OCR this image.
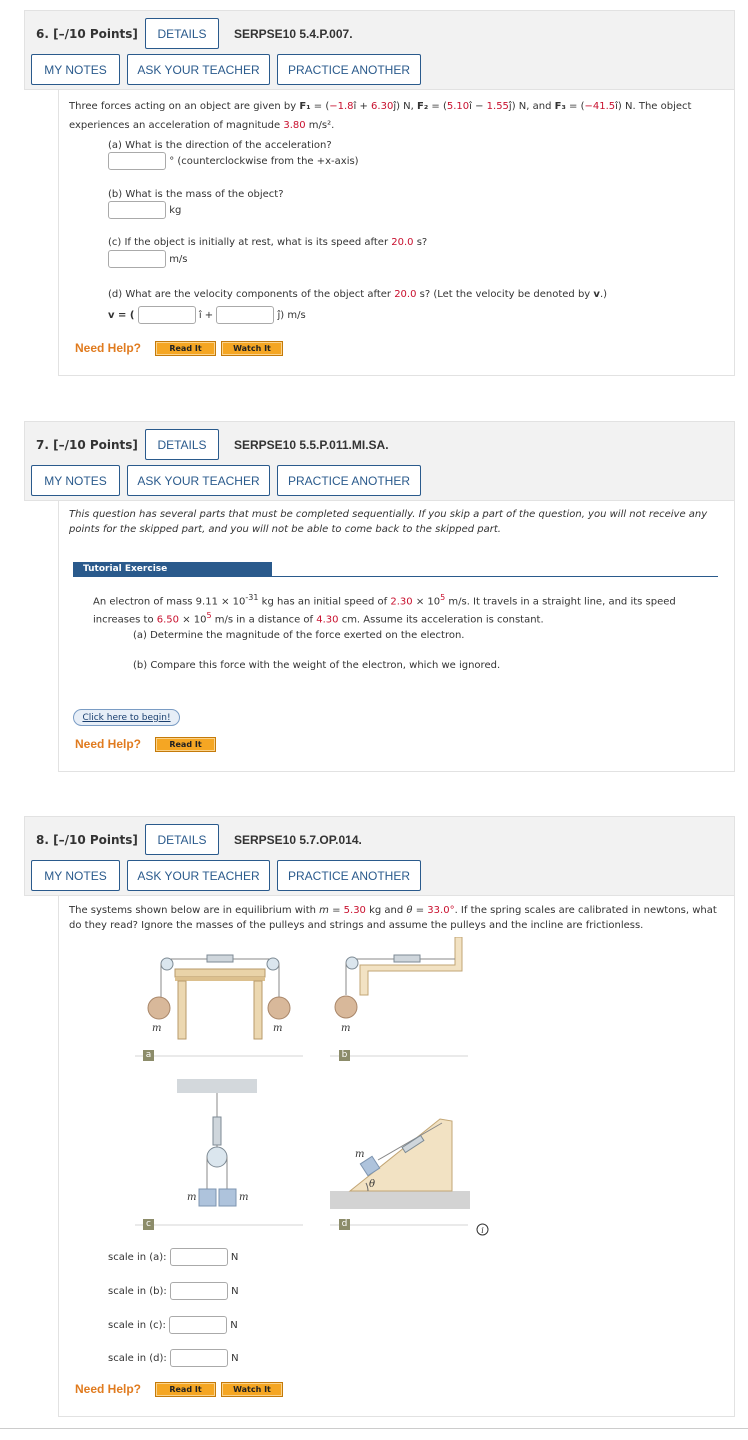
6. [–/10 Points]	DETAILS	SERPSE10 5.4.P.007.
MY NOTES	ASK YOUR TEACHER	PRACTICE ANOTHER
Three forces acting on an object are given by F₁ = (−1.8î + 6.30ĵ) N, F₂ = (5.10î − 1.55ĵ) N, and F₃ = (−41.5î) N. The object
experiences an acceleration of magnitude 3.80 m/s².
(a) What is the direction of the acceleration?
° (counterclockwise from the +x-axis)
(b) What is the mass of the object?
kg
(c) If the object is initially at rest, what is its speed after 20.0 s?
m/s
(d) What are the velocity components of the object after 20.0 s? (Let the velocity be denoted by v.)
v = (	î +	ĵ) m/s
Need Help?	Read It	Watch It
7. [–/10 Points]	DETAILS	SERPSE10 5.5.P.011.MI.SA.
MY NOTES	ASK YOUR TEACHER	PRACTICE ANOTHER
This question has several parts that must be completed sequentially. If you skip a part of the question, you will not receive any
points for the skipped part, and you will not be able to come back to the skipped part.
Tutorial Exercise
An electron of mass $9.11 \times 10^{-31}$ kg has an initial speed of $2.30 \times 10^5$ m/s. It travels in a straight line, and its speed
increases to $6.50 \times 10^5$ m/s in a distance of 4.30 cm. Assume its acceleration is constant.
(a) Determine the magnitude of the force exerted on the electron.
(b) Compare this force with the weight of the electron, which we ignored.
Click here to begin!
Need Help?	Read It
8. [–/10 Points]	DETAILS	SERPSE10 5.7.OP.014.
MY NOTES	ASK YOUR TEACHER	PRACTICE ANOTHER
The systems shown below are in equilibrium with m = 5.30 kg and θ = 33.0°. If the spring scales are calibrated in newtons, what
do they read? Ignore the masses of the pulleys and strings and assume the pulleys and the incline are frictionless.
m	m
a
m
b
m	m
c
m
θ
d
i
scale in (a):	N
scale in (b):	N
scale in (c):	N
scale in (d):	N
Need Help?	Read It	Watch It
